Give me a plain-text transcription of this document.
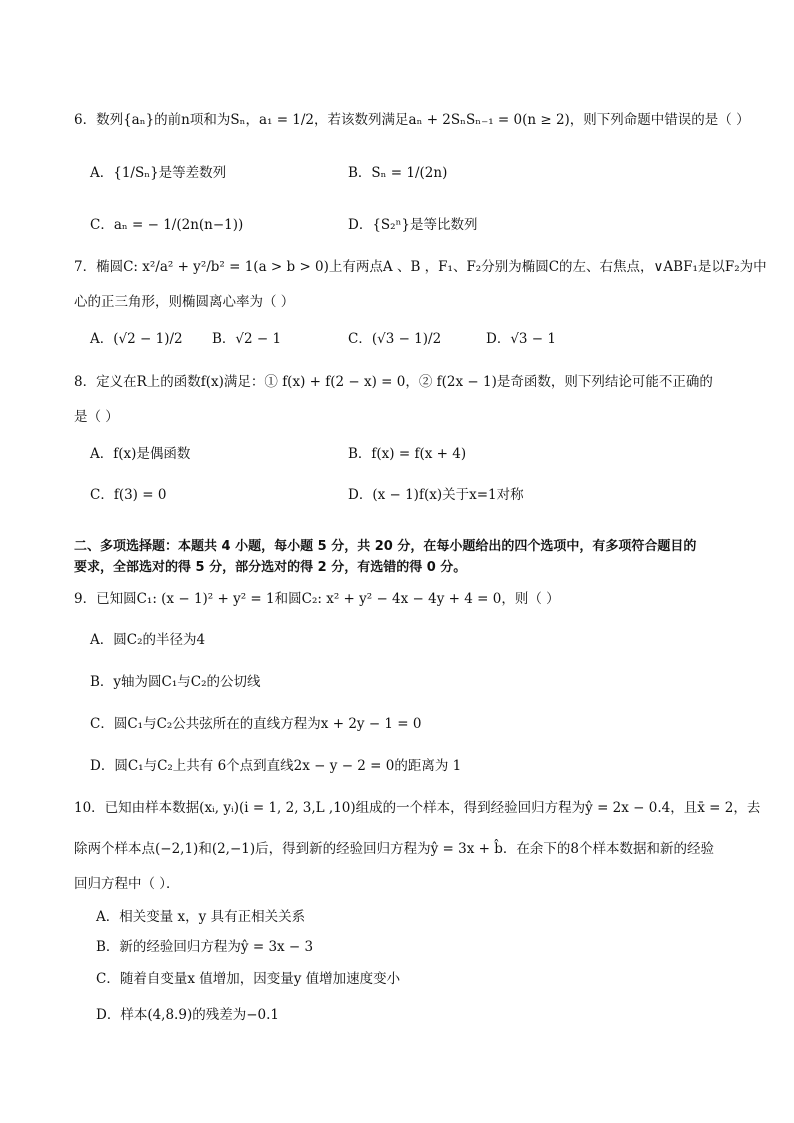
6．数列{aₙ}的前n项和为Sₙ，a₁ = 1/2，若该数列满足aₙ + 2SₙSₙ₋₁ = 0(n ≥ 2)，则下列命题中错误的是（ ）
A．{1/Sₙ}是等差数列	B．Sₙ = 1/(2n)
C．aₙ = − 1/(2n(n−1))	D．{S₂ⁿ}是等比数列
7．椭圆C: x²/a² + y²/b² = 1(a > b > 0)上有两点A 、B ，F₁、F₂分别为椭圆C的左、右焦点，∨ABF₁是以F₂为中
心的正三角形，则椭圆离心率为（ ）
A．(√2 − 1)/2 B．√2 − 1	C．(√3 − 1)/2	D．√3 − 1
8．定义在R上的函数f(x)满足：① f(x) + f(2 − x) = 0，② f(2x − 1)是奇函数，则下列结论可能不正确的
是（ ）
A．f(x)是偶函数	B．f(x) = f(x + 4)
C．f(3) = 0	D．(x − 1)f(x)关于x=1对称
二、多项选择题：本题共 4 小题，每小题 5 分，共 20 分，在每小题给出的四个选项中，有多项符合题目的
要求，全部选对的得 5 分，部分选对的得 2 分，有选错的得 0 分。
9．已知圆C₁: (x − 1)² + y² = 1和圆C₂: x² + y² − 4x − 4y + 4 = 0，则（ ）
A．圆C₂的半径为4
B．y轴为圆C₁与C₂的公切线
C．圆C₁与C₂公共弦所在的直线方程为x + 2y − 1 = 0
D．圆C₁与C₂上共有 6个点到直线2x − y − 2 = 0的距离为 1
10．已知由样本数据(xᵢ, yᵢ)(i = 1, 2, 3,L ,10)组成的一个样本，得到经验回归方程为ŷ = 2x − 0.4，且x̄ = 2，去
除两个样本点(−2,1)和(2,−1)后，得到新的经验回归方程为ŷ = 3x + b̂．在余下的8个样本数据和新的经验
回归方程中（ ）．
A．相关变量 x，y 具有正相关关系
B．新的经验回归方程为ŷ = 3x − 3
C．随着自变量x 值增加，因变量y 值增加速度变小
D．样本(4,8.9)的残差为−0.1
